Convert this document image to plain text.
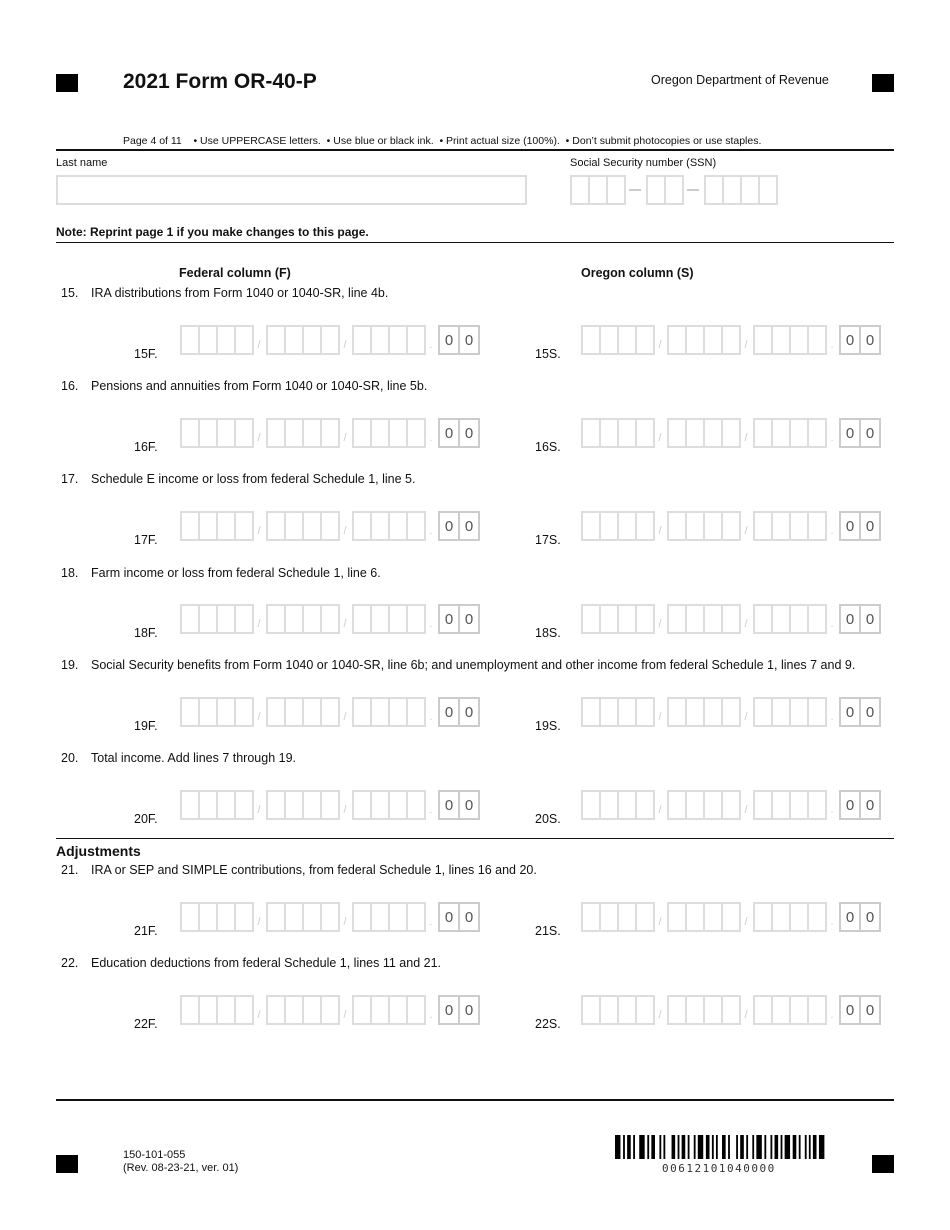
2021 Form OR-40-P	Oregon Department of Revenue
Page 4 of 11    • Use UPPERCASE letters.  • Use blue or black ink.  • Print actual size (100%).  • Don’t submit photocopies or use staples.
Last name	Social Security number (SSN)
Note: Reprint page 1 if you make changes to this page.
Federal column (F)	Oregon column (S)
Adjustments
15. IRA distributions from Form 1040 or 1040-SR, line 4b.
15F.
/	/	. 0 0
15S.
/	/	. 0 0
16. Pensions and annuities from Form 1040 or 1040-SR, line 5b.
16F.
/	/	. 0 0
16S.
/	/	. 0 0
17. Schedule E income or loss from federal Schedule 1, line 5.
17F.
/	/	. 0 0
17S.
/	/	. 0 0
18. Farm income or loss from federal Schedule 1, line 6.
18F.
/	/	. 0 0
18S.
/	/	. 0 0
19. Social Security benefits from Form 1040 or 1040-SR, line 6b; and unemployment and other income from federal Schedule 1, lines 7 and 9.
19F.
/	/	. 0 0
19S.
/	/	. 0 0
20. Total income. Add lines 7 through 19.
20F.
/	/	. 0 0
20S.
/	/	. 0 0
21. IRA or SEP and SIMPLE contributions, from federal Schedule 1, lines 16 and 20.
21F.
/	/	. 0 0
21S.
/	/	. 0 0
22. Education deductions from federal Schedule 1, lines 11 and 21.
22F.
/	/	. 0 0
22S.
/	/	. 0 0
150-101-055
(Rev. 08-23-21, ver. 01)	00612101040000
